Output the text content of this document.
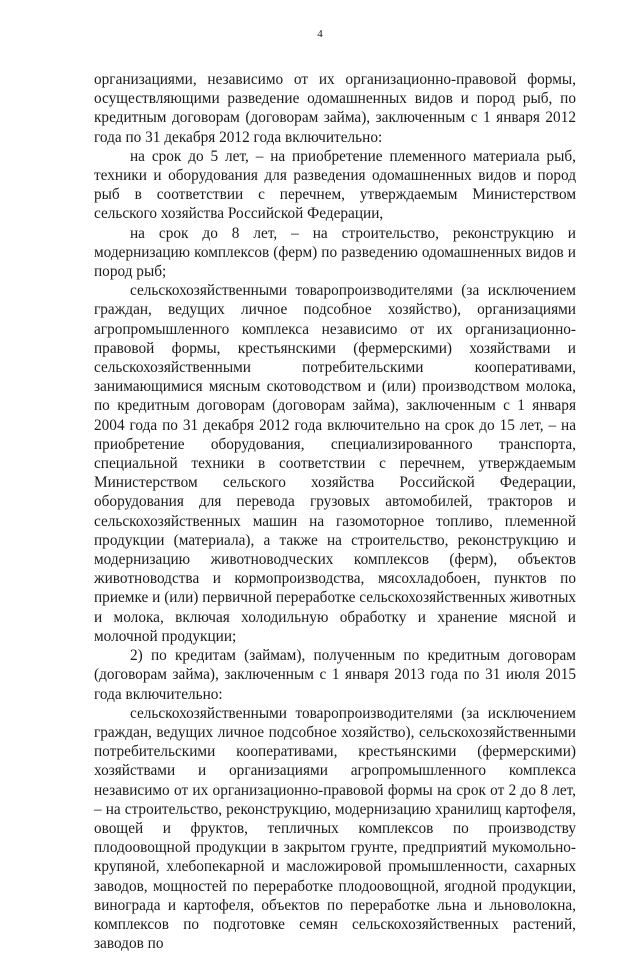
4

организациями, независимо от их организационно-правовой формы, осуществляющими разведение одомашненных видов и пород рыб, по кредитным договорам (договорам займа), заключенным с 1 января 2012 года по 31 декабря 2012 года включительно:

на срок до 5 лет, – на приобретение племенного материала рыб, техники и оборудования для разведения одомашненных видов и пород рыб в соответствии с перечнем, утверждаемым Министерством сельского хозяйства Российской Федерации,

на срок до 8 лет, – на строительство, реконструкцию и модернизацию комплексов (ферм) по разведению одомашненных видов и пород рыб;

сельскохозяйственными товаропроизводителями (за исключением граждан, ведущих личное подсобное хозяйство), организациями агропромышленного комплекса независимо от их организационно-правовой формы, крестьянскими (фермерскими) хозяйствами и сельскохозяйственными потребительскими кооперативами, занимающимися мясным скотоводством и (или) производством молока, по кредитным договорам (договорам займа), заключенным с 1 января 2004 года по 31 декабря 2012 года включительно на срок до 15 лет, – на приобретение оборудования, специализированного транспорта, специальной техники в соответствии с перечнем, утверждаемым Министерством сельского хозяйства Российской Федерации, оборудования для перевода грузовых автомобилей, тракторов и сельскохозяйственных машин на газомоторное топливо, племенной продукции (материала), а также на строительство, реконструкцию и модернизацию животноводческих комплексов (ферм), объектов животноводства и кормопроизводства, мясохладобоен, пунктов по приемке и (или) первичной переработке сельскохозяйственных животных и молока, включая холодильную обработку и хранение мясной и молочной продукции;

2) по кредитам (займам), полученным по кредитным договорам (договорам займа), заключенным с 1 января 2013 года по 31 июля 2015 года включительно:

сельскохозяйственными товаропроизводителями (за исключением граждан, ведущих личное подсобное хозяйство), сельскохозяйственными потребительскими кооперативами, крестьянскими (фермерскими) хозяйствами и организациями агропромышленного комплекса независимо от их организационно-правовой формы на срок от 2 до 8 лет, – на строительство, реконструкцию, модернизацию хранилищ картофеля, овощей и фруктов, тепличных комплексов по производству плодоовощной продукции в закрытом грунте, предприятий мукомольно-крупяной, хлебопекарной и масложировой промышленности, сахарных заводов, мощностей по переработке плодоовощной, ягодной продукции, винограда и картофеля, объектов по переработке льна и льноволокна, комплексов по подготовке семян сельскохозяйственных растений, заводов по
